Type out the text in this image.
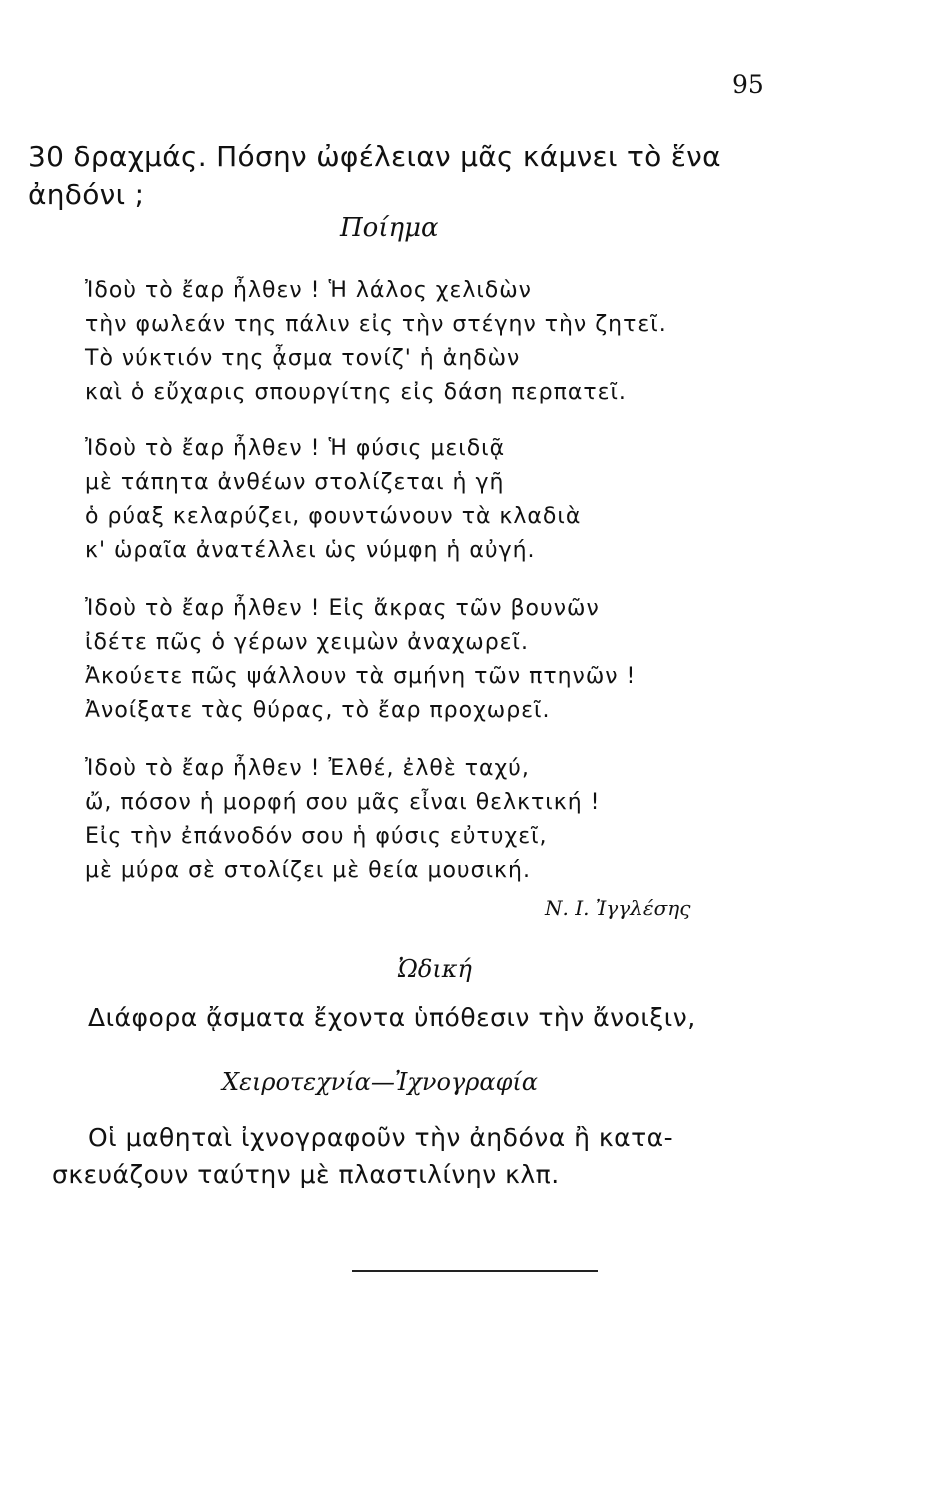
95
30 δραχμάς. Πόσην ὠφέλειαν μᾶς κάμνει τὸ ἕνα
ἀηδόνι ;
Ποίημα
Ἰδοὺ τὸ ἔαρ ἦλθεν ! Ἡ λάλος χελιδὼν
τὴν φωλεάν της πάλιν εἰς τὴν στέγην τὴν ζητεῖ.
Τὸ νύκτιόν της ᾆσμα τονίζ' ἡ ἀηδὼν
καὶ ὁ εὔχαρις σπουργίτης εἰς δάση περπατεῖ.
Ἰδοὺ τὸ ἔαρ ἦλθεν ! Ἡ φύσις μειδιᾷ
μὲ τάπητα ἀνθέων στολίζεται ἡ γῆ
ὁ ρύαξ κελαρύζει, φουντώνουν τὰ κλαδιὰ
κ' ὡραῖα ἀνατέλλει ὡς νύμφη ἡ αὐγή.
Ἰδοὺ τὸ ἔαρ ἦλθεν ! Εἰς ἄκρας τῶν βουνῶν
ἰδέτε πῶς ὁ γέρων χειμὼν ἀναχωρεῖ.
Ἀκούετε πῶς ψάλλουν τὰ σμήνη τῶν πτηνῶν !
Ἀνοίξατε τὰς θύρας, τὸ ἔαρ προχωρεῖ.
Ἰδοὺ τὸ ἔαρ ἦλθεν ! Ἐλθέ, ἐλθὲ ταχύ,
ὤ, πόσον ἡ μορφή σου μᾶς εἶναι θελκτική !
Εἰς τὴν ἐπάνοδόν σου ἡ φύσις εὐτυχεῖ,
μὲ μύρα σὲ στολίζει μὲ θεία μουσική.
Ν. Ι. Ἰγγλέσης
Ὠδική
Διάφορα ᾄσματα ἔχοντα ὑπόθεσιν τὴν ἄνοιξιν,
Χειροτεχνία—Ἰχνογραφία
Οἱ μαθηταὶ ἰχνογραφοῦν τὴν ἀηδόνα ἢ κατα-
σκευάζουν ταύτην μὲ πλαστιλίνην κλπ.
